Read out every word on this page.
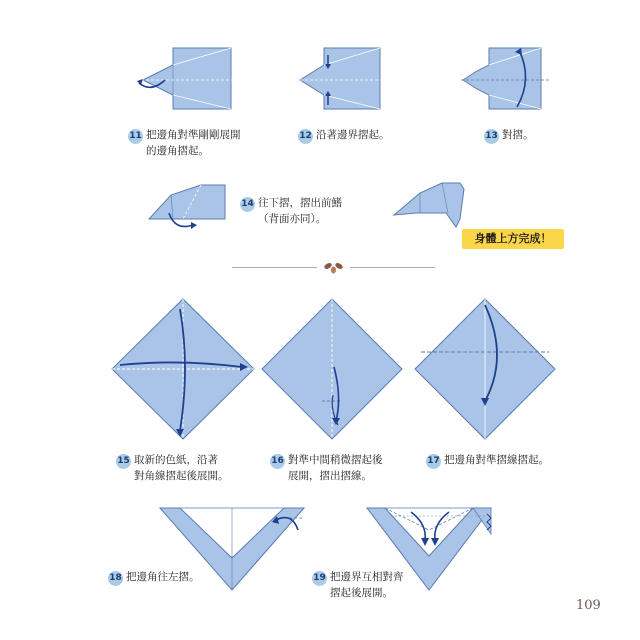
11 把邊角對準剛剛展開
的邊角摺起。
12 沿著邊界摺起。	13 對摺。
14 往下摺，摺出前鰭
（背面亦同）。
身體上方完成！
15 取新的色紙，沿著
對角線摺起後展開。
16 對準中間稍微摺起後
展開，摺出摺線。
17 把邊角對準摺線摺起。
18 把邊角往左摺。	19 把邊界互相對齊
摺起後展開。
109
